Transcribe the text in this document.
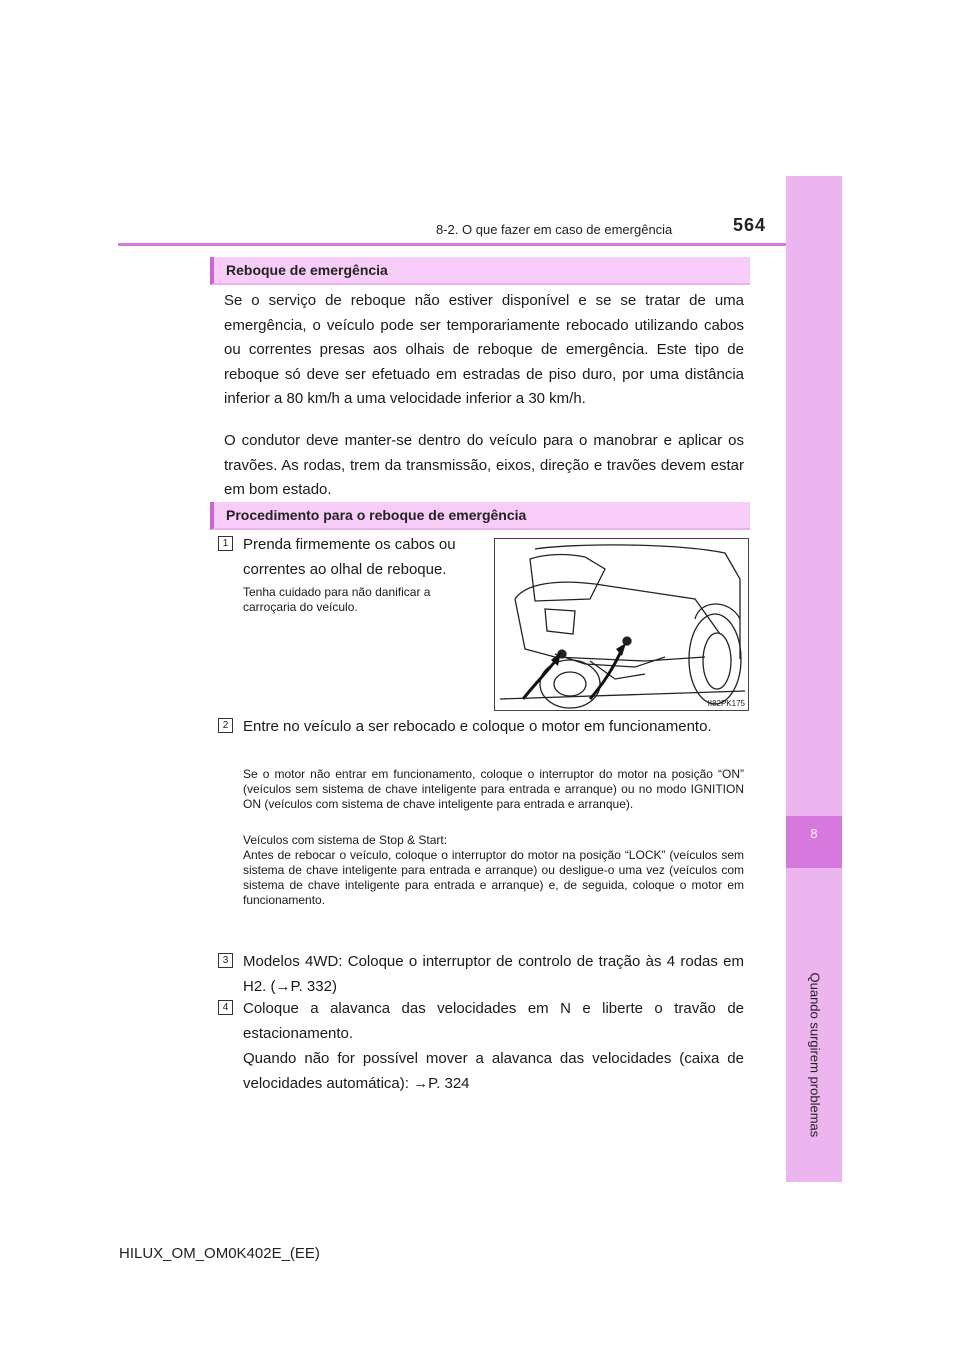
8
Quando surgirem problemas
8-2. O que fazer em caso de emergência	564
Reboque de emergência

Se o serviço de reboque não estiver disponível e se se tratar de uma emergência, o veículo pode ser temporariamente rebocado utilizando cabos ou correntes presas aos olhais de reboque de emergência. Este tipo de reboque só deve ser efetuado em estradas de piso duro, por uma distância inferior a 80 km/h a uma velocidade inferior a 30 km/h.

O condutor deve manter-se dentro do veículo para o manobrar e aplicar os travões. As rodas, trem da transmissão, eixos, direção e travões devem estar em bom estado.

Procedimento para o reboque de emergência
1 Prenda firmemente os cabos ou correntes ao olhal de reboque.

Tenha cuidado para não danificar a carroçaria do veículo.

II82PK175
2 Entre no veículo a ser rebocado e coloque o motor em funcionamento.

Se o motor não entrar em funcionamento, coloque o interruptor do motor na posição “ON” (veículos sem sistema de chave inteligente para entrada e arranque) ou no modo IGNITION ON (veículos com sistema de chave inteligente para entrada e arranque).

Veículos com sistema de Stop & Start:

Antes de rebocar o veículo, coloque o interruptor do motor na posição “LOCK” (veículos sem sistema de chave inteligente para entrada e arranque) ou desligue-o uma vez (veículos com sistema de chave inteligente para entrada e arranque) e, de seguida, coloque o motor em funcionamento.

3 Modelos 4WD: Coloque o interruptor de controlo de tração às 4 rodas em H2. (→P. 332)

4 Coloque a alavanca das velocidades em N e liberte o travão de estacionamento.

Quando não for possível mover a alavanca das velocidades (caixa de velocidades automática): →P. 324

HILUX_OM_OM0K402E_(EE)
